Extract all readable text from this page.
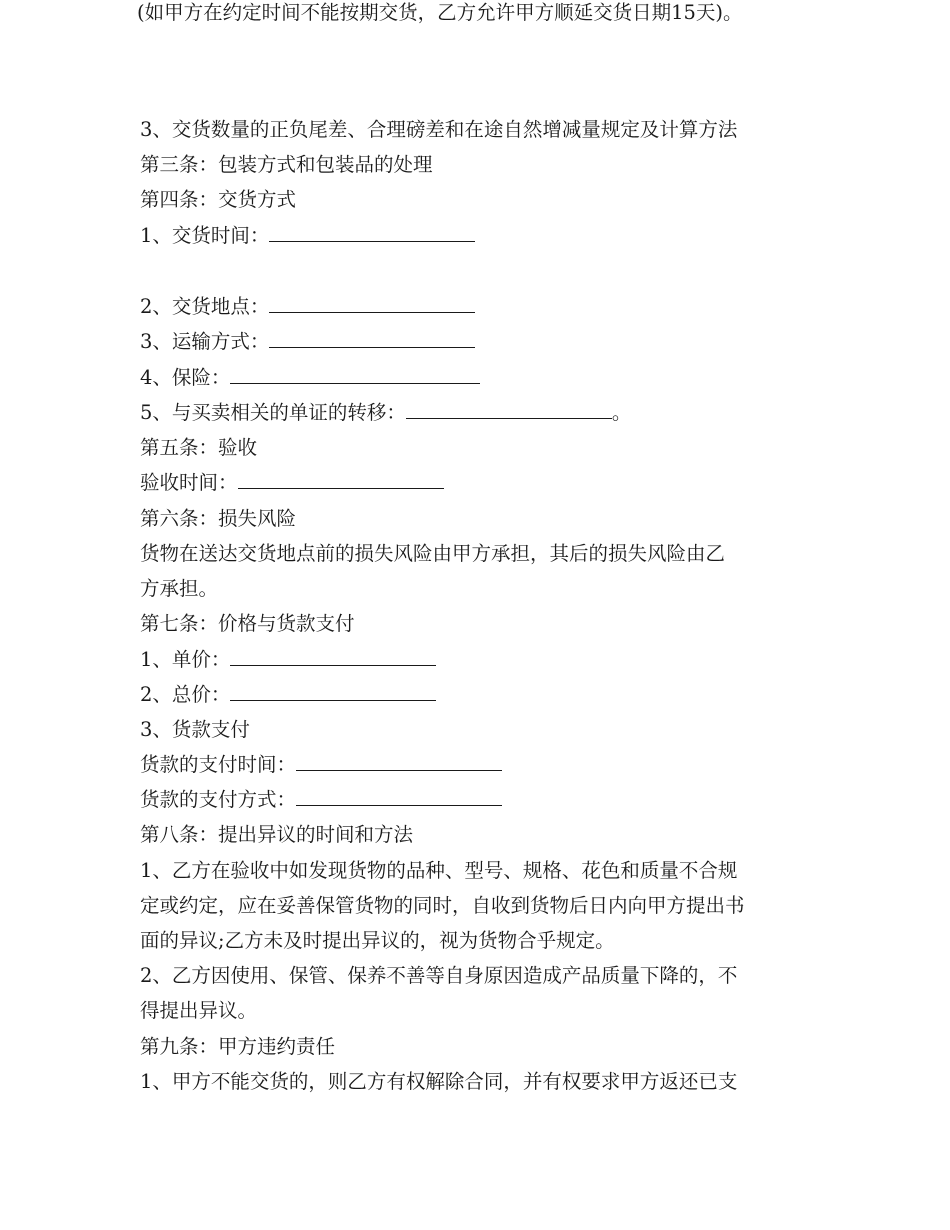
3、交货数量的正负尾差、合理磅差和在途自然增减量规定及计算方法
第三条：包装方式和包装品的处理
第四条：交货方式
1、交货时间：
(如甲方在约定时间不能按期交货，乙方允许甲方顺延交货日期15天)。
2、交货地点：
3、运输方式：
4、保险：
5、与买卖相关的单证的转移：	。
第五条：验收
验收时间：
第六条：损失风险
货物在送达交货地点前的损失风险由甲方承担，其后的损失风险由乙
方承担。
第七条：价格与货款支付
1、单价：
2、总价：
3、货款支付
货款的支付时间：
货款的支付方式：
第八条：提出异议的时间和方法
1、乙方在验收中如发现货物的品种、型号、规格、花色和质量不合规
定或约定，应在妥善保管货物的同时，自收到货物后日内向甲方提出书
面的异议;乙方未及时提出异议的，视为货物合乎规定。
2、乙方因使用、保管、保养不善等自身原因造成产品质量下降的，不
得提出异议。
第九条：甲方违约责任
1、甲方不能交货的，则乙方有权解除合同，并有权要求甲方返还已支
